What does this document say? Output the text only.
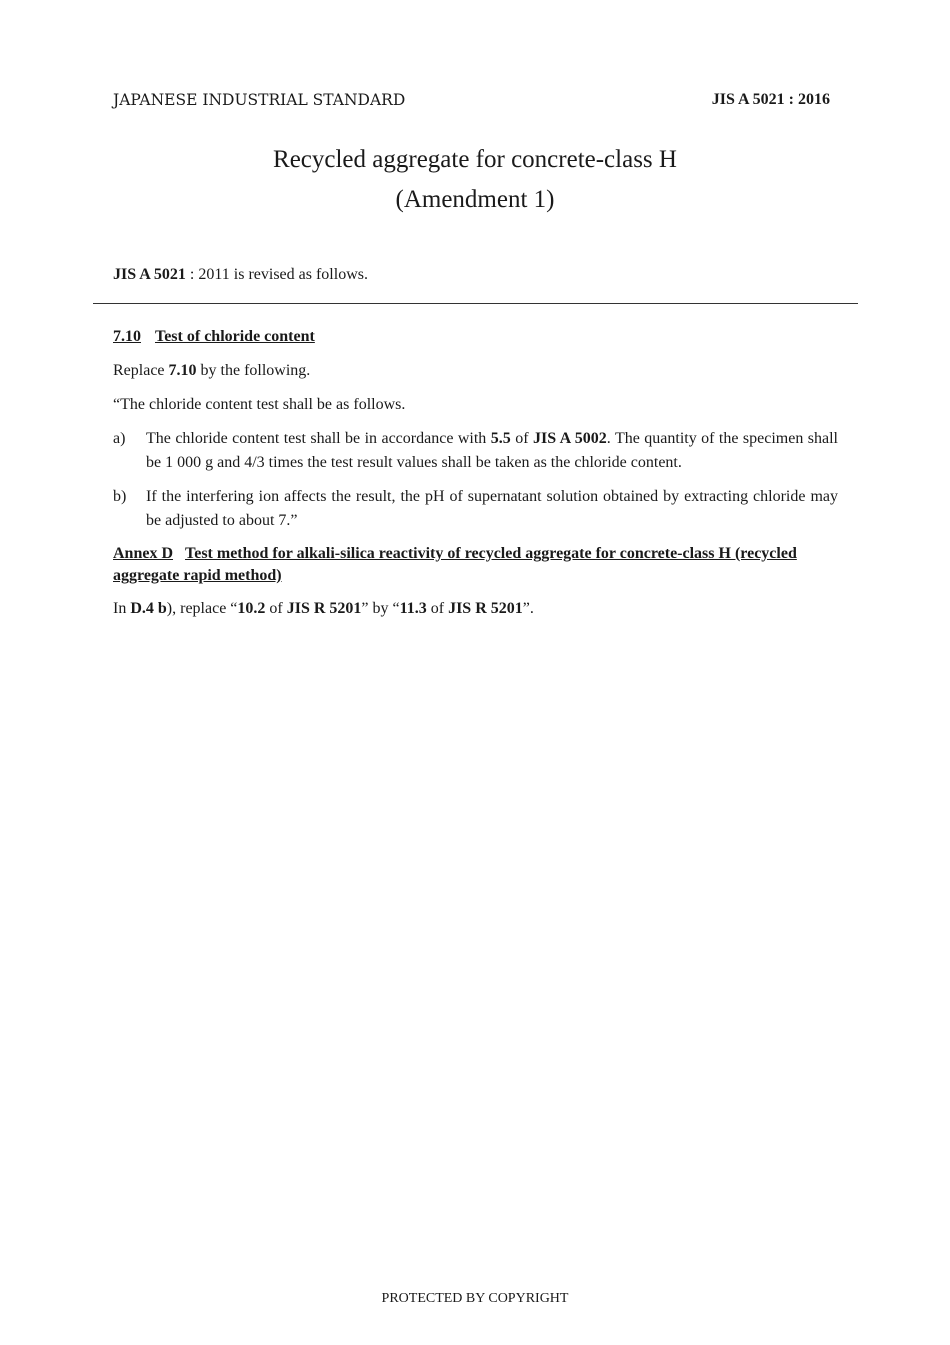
JAPANESE INDUSTRIAL STANDARD	JIS A 5021 : 2016
Recycled aggregate for concrete-class H
(Amendment 1)
JIS A 5021 : 2011 is revised as follows.
7.10 Test of chloride content

Replace 7.10 by the following.

“The chloride content test shall be as follows.

a)	The chloride content test shall be in accordance with 5.5 of JIS A 5002. The quantity of the specimen shall be 1 000 g and 4/3 times the test result values shall be taken as the chloride content.
b)	If the interfering ion affects the result, the pH of supernatant solution obtained by extracting chloride may be adjusted to about 7.”
Annex D Test method for alkali-silica reactivity of recycled aggregate for concrete-class H (recycled aggregate rapid method)

In D.4 b), replace “10.2 of JIS R 5201” by “11.3 of JIS R 5201”.

PROTECTED BY COPYRIGHT
